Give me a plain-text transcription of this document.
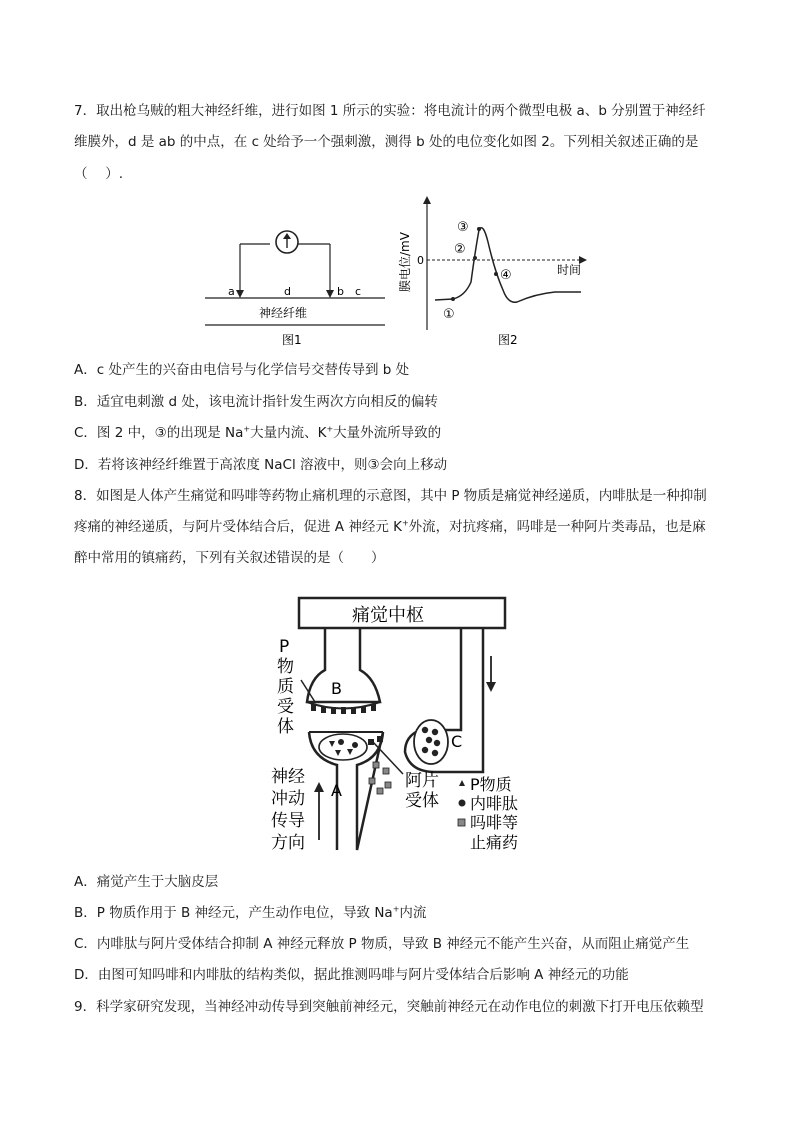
7．取出枪乌贼的粗大神经纤维，进行如图 1 所示的实验：将电流计的两个微型电极 a、b 分别置于神经纤
维膜外，d 是 ab 的中点，在 c 处给予一个强刺激，测得 b 处的电位变化如图 2。下列相关叙述正确的是
（　 ）.
a	d	b c
神经纤维
图1
膜电位/mV 0
时间
①
②
③
④
图2
A．c 处产生的兴奋由电信号与化学信号交替传导到 b 处
B．适宜电刺激 d 处，该电流计指针发生两次方向相反的偏转
C．图 2 中，③的出现是 Na+大量内流、K+大量外流所导致的
D．若将该神经纤维置于高浓度 NaCl 溶液中，则③会向上移动
8．如图是人体产生痛觉和吗啡等药物止痛机理的示意图，其中 P 物质是痛觉神经递质，内啡肽是一种抑制
疼痛的神经递质，与阿片受体结合后，促进 A 神经元 K+外流，对抗疼痛，吗啡是一种阿片类毒品，也是麻
醉中常用的镇痛药，下列有关叙述错误的是（　　）
痛觉中枢
B
P
物
质
受
体
C
A	阿片
受体
神经
冲动
传导
方向
P物质
内啡肽
吗啡等
止痛药
A．痛觉产生于大脑皮层
B．P 物质作用于 B 神经元，产生动作电位，导致 Na+内流
C．内啡肽与阿片受体结合抑制 A 神经元释放 P 物质，导致 B 神经元不能产生兴奋，从而阻止痛觉产生
D．由图可知吗啡和内啡肽的结构类似，据此推测吗啡与阿片受体结合后影响 A 神经元的功能
9．科学家研究发现，当神经冲动传导到突触前神经元，突触前神经元在动作电位的刺激下打开电压依赖型
